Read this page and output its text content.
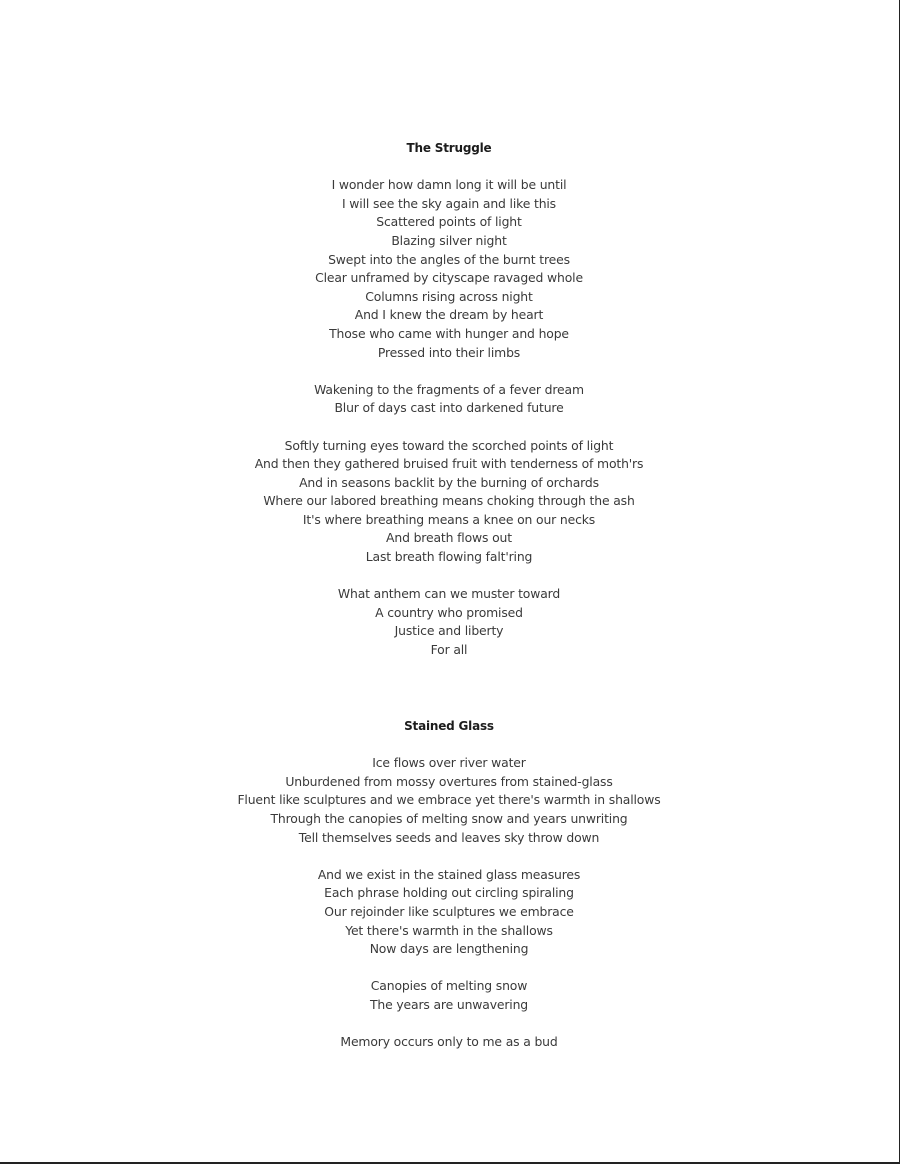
The Struggle
I wonder how damn long it will be until
I will see the sky again and like this
Scattered points of light
Blazing silver night
Swept into the angles of the burnt trees
Clear unframed by cityscape ravaged whole
Columns rising across night
And I knew the dream by heart
Those who came with hunger and hope
Pressed into their limbs
Wakening to the fragments of a fever dream
Blur of days cast into darkened future
Softly turning eyes toward the scorched points of light
And then they gathered bruised fruit with tenderness of moth'rs
And in seasons backlit by the burning of orchards
Where our labored breathing means choking through the ash
It's where breathing means a knee on our necks
And breath flows out
Last breath flowing falt'ring
What anthem can we muster toward
A country who promised
Justice and liberty
For all
Stained Glass
Ice flows over river water
Unburdened from mossy overtures from stained-glass
Fluent like sculptures and we embrace yet there's warmth in shallows
Through the canopies of melting snow and years unwriting
Tell themselves seeds and leaves sky throw down
And we exist in the stained glass measures
Each phrase holding out circling spiraling
Our rejoinder like sculptures we embrace
Yet there's warmth in the shallows
Now days are lengthening
Canopies of melting snow
The years are unwavering
Memory occurs only to me as a bud
